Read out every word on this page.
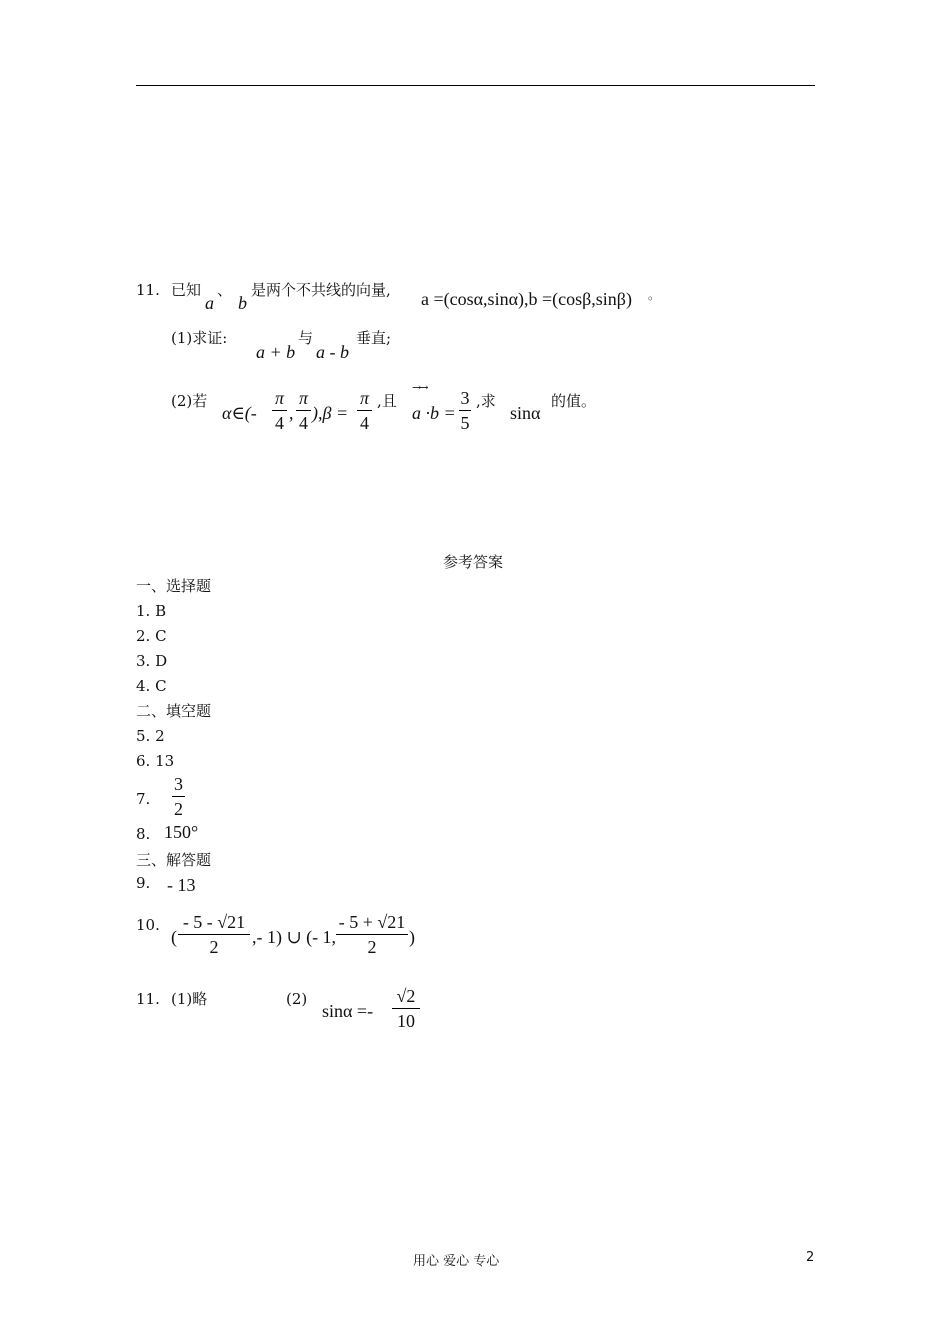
11. 已知
a
、
b
是两个不共线的向量, a =(cosα,sinα),b =(cosβ,sinβ) 。
(1)求证:
a + b
与
a - b
垂直;
(2)若
α∈(-
π
4 ,
π
4 ),β =
π
4
,且
→→
a ·b =
3
5
,求
sinα
的值。
参考答案
一、选择题
1. B
2. C
3. D
4. C
二、填空题
5. 2
6. 13
7.
3
2
8. 150°
三、解答题
9. - 13
10.
(
- 5 - √21
2	,- 1) ∪ (- 1,
- 5 + √21
2	)
11. (1)略	(2)
sinα =-
√2
10
用心 爱心 专心	2
